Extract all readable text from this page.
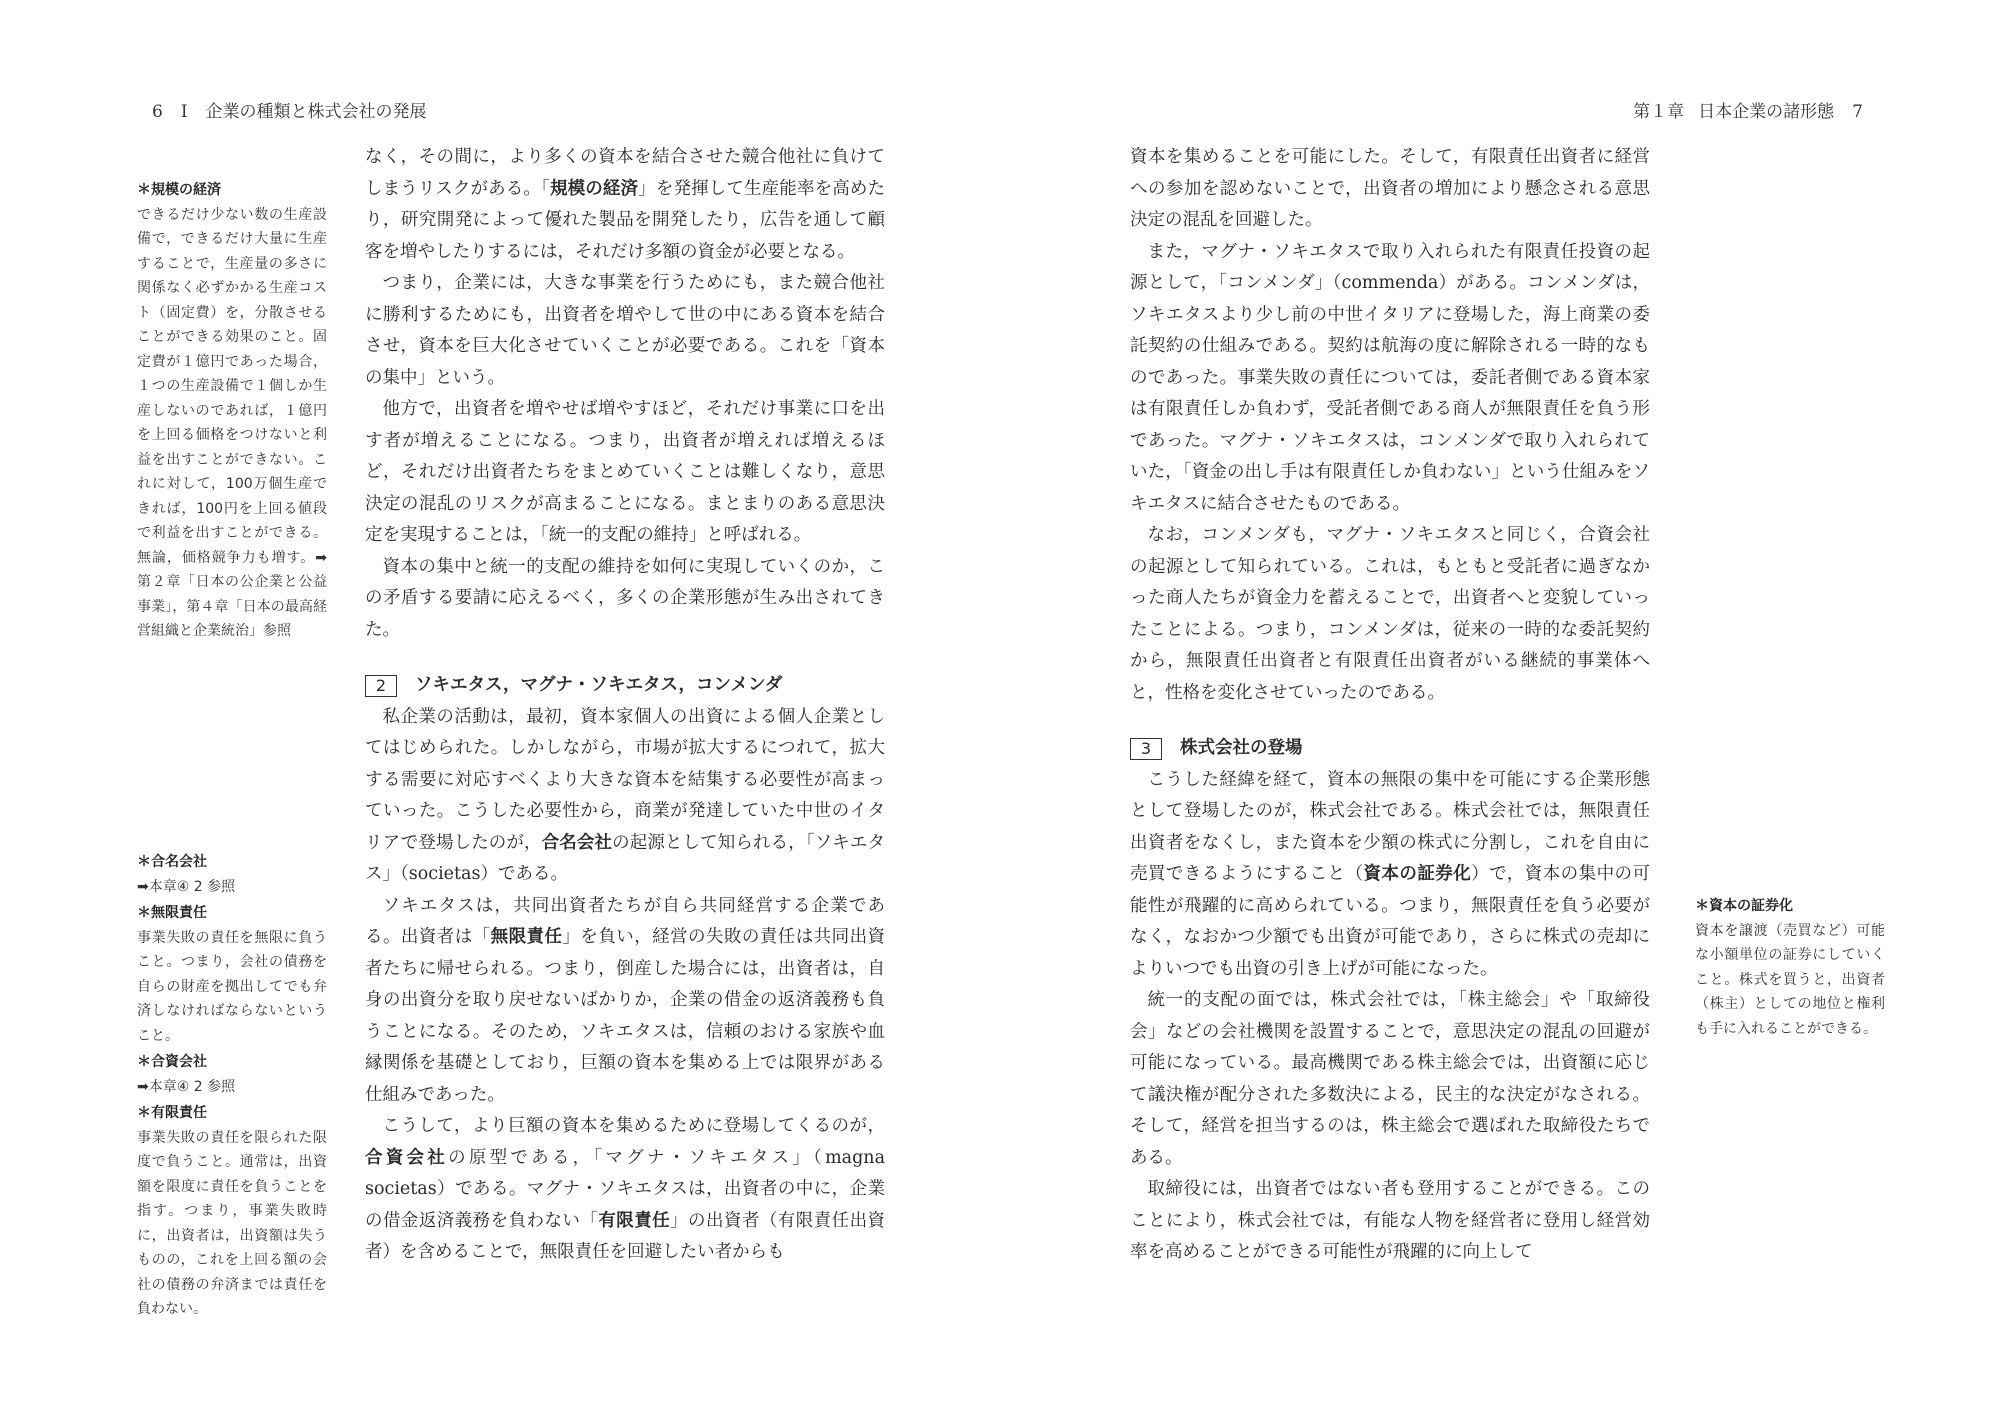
6 Ⅰ 企業の種類と株式会社の発展
＊規模の経済
できるだけ少ない数の生産設備で，できるだけ大量に生産することで，生産量の多さに関係なく必ずかかる生産コスト（固定費）を，分散させることができる効果のこと。固定費が１億円であった場合，１つの生産設備で１個しか生産しないのであれば，１億円を上回る価格をつけないと利益を出すことができない。これに対して，100万個生産できれば，100円を上回る値段で利益を出すことができる。無論，価格競争力も増す。➡第２章「日本の公企業と公益事業」，第４章「日本の最高経営組織と企業統治」参照
＊合名会社
➡本章④ 2 参照
＊無限責任
事業失敗の責任を無限に負うこと。つまり，会社の債務を自らの財産を拠出してでも弁済しなければならないということ。
＊合資会社
➡本章④ 2 参照
＊有限責任
事業失敗の責任を限られた限度で負うこと。通常は，出資額を限度に責任を負うことを指す。つまり，事業失敗時に，出資者は，出資額は失うものの，これを上回る額の会社の債務の弁済までは責任を負わない。

なく，その間に，より多くの資本を結合させた競合他社に負けてしまうリスクがある。「規模の経済」を発揮して生産能率を高めたり，研究開発によって優れた製品を開発したり，広告を通して顧客を増やしたりするには，それだけ多額の資金が必要となる。

つまり，企業には，大きな事業を行うためにも，また競合他社に勝利するためにも，出資者を増やして世の中にある資本を結合させ，資本を巨大化させていくことが必要である。これを「資本の集中」という。

他方で，出資者を増やせば増やすほど，それだけ事業に口を出す者が増えることになる。つまり，出資者が増えれば増えるほど，それだけ出資者たちをまとめていくことは難しくなり，意思決定の混乱のリスクが高まることになる。まとまりのある意思決定を実現することは，「統一的支配の維持」と呼ばれる。

資本の集中と統一的支配の維持を如何に実現していくのか，この矛盾する要請に応えるべく，多くの企業形態が生み出されてきた。

2	ソキエタス，マグナ・ソキエタス，コンメンダ

私企業の活動は，最初，資本家個人の出資による個人企業としてはじめられた。しかしながら，市場が拡大するにつれて，拡大する需要に対応すべくより大きな資本を結集する必要性が高まっていった。こうした必要性から，商業が発達していた中世のイタリアで登場したのが，合名会社の起源として知られる，「ソキエタス」（societas）である。

ソキエタスは，共同出資者たちが自ら共同経営する企業である。出資者は「無限責任」を負い，経営の失敗の責任は共同出資者たちに帰せられる。つまり，倒産した場合には，出資者は，自身の出資分を取り戻せないばかりか，企業の借金の返済義務も負うことになる。そのため，ソキエタスは，信頼のおける家族や血縁関係を基礎としており，巨額の資本を集める上では限界がある仕組みであった。

こうして，より巨額の資本を集めるために登場してくるのが，合資会社の原型である，「マグナ・ソキエタス」（magna societas）である。マグナ・ソキエタスは，出資者の中に，企業の借金返済義務を負わない「有限責任」の出資者（有限責任出資者）を含めることで，無限責任を回避したい者からも

第１章 日本企業の諸形態 7

資本を集めることを可能にした。そして，有限責任出資者に経営への参加を認めないことで，出資者の増加により懸念される意思決定の混乱を回避した。

また，マグナ・ソキエタスで取り入れられた有限責任投資の起源として，「コンメンダ」（commenda）がある。コンメンダは，ソキエタスより少し前の中世イタリアに登場した，海上商業の委託契約の仕組みである。契約は航海の度に解除される一時的なものであった。事業失敗の責任については，委託者側である資本家は有限責任しか負わず，受託者側である商人が無限責任を負う形であった。マグナ・ソキエタスは，コンメンダで取り入れられていた，「資金の出し手は有限責任しか負わない」という仕組みをソキエタスに結合させたものである。

なお，コンメンダも，マグナ・ソキエタスと同じく，合資会社の起源として知られている。これは，もともと受託者に過ぎなかった商人たちが資金力を蓄えることで，出資者へと変貌していったことによる。つまり，コンメンダは，従来の一時的な委託契約から，無限責任出資者と有限責任出資者がいる継続的事業体へと，性格を変化させていったのである。

3	株式会社の登場

こうした経緯を経て，資本の無限の集中を可能にする企業形態として登場したのが，株式会社である。株式会社では，無限責任出資者をなくし，また資本を少額の株式に分割し，これを自由に売買できるようにすること（資本の証券化）で，資本の集中の可能性が飛躍的に高められている。つまり，無限責任を負う必要がなく，なおかつ少額でも出資が可能であり，さらに株式の売却によりいつでも出資の引き上げが可能になった。

統一的支配の面では，株式会社では，「株主総会」や「取締役会」などの会社機関を設置することで，意思決定の混乱の回避が可能になっている。最高機関である株主総会では，出資額に応じて議決権が配分された多数決による，民主的な決定がなされる。そして，経営を担当するのは，株主総会で選ばれた取締役たちである。

取締役には，出資者ではない者も登用することができる。このことにより，株式会社では，有能な人物を経営者に登用し経営効率を高めることができる可能性が飛躍的に向上して

＊資本の証券化
資本を譲渡（売買など）可能な小額単位の証券にしていくこと。株式を買うと，出資者（株主）としての地位と権利も手に入れることができる。
